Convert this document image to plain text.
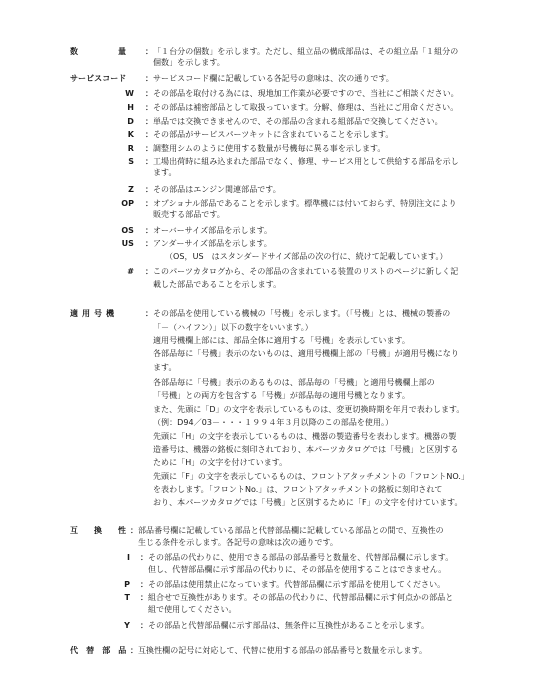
数　　量 ： 「１台分の個数」を示します。ただし、組立品の構成部品は、その組立品「１組分の
個数」を示します。
サービスコード ： サービスコード欄に記載している各記号の意味は、次の通りです。
W ： その部品を取付ける為には、現地加工作業が必要ですので、当社にご相談ください。
H ： その部品は補密部品として取扱っています。分解、修理は、当社にご用命ください。
D ： 単品では交換できませんので、その部品の含まれる組部品で交換してください。
K ： その部品がサービスパーツキットに含まれていることを示します。
R ： 調整用シムのように使用する数量が号機毎に異る事を示します。
S ： 工場出荷時に組み込まれた部品でなく、修理、サービス用として供給する部品を示し
ます。
Z ： その部品はエンジン関連部品です。
OP ： オプショナル部品であることを示します。標準機には付いておらず、特別注文により
販売する部品です。
OS ： オーバーサイズ部品を示します。
US ： アンダーサイズ部品を示します。
（OS，US　はスタンダードサイズ部品の次の行に、続けて記載しています。）
# ： このパーツカタログから、その部品の含まれている装置のリストのページに新しく記
載した部品であることを示します。
適用号機	： その部品を使用している機械の「号機」を示します。（「号機」とは、機械の製番の
「－（ハイフン）」以下の数字をいいます。）
適用号機欄上部には、部品全体に適用する「号機」を表示しています。
各部品毎に「号機」表示のないものは、適用号機欄上部の「号機」が適用号機になり
ます。
各部品毎に「号機」表示のあるものは、部品毎の「号機」と適用号機欄上部の
「号機」との両方を包含する「号機」が部品毎の適用号機となります。
また、先頭に「D」の文字を表示しているものは、変更切換時期を年月で表わします。
（例：D94／03－・・・１９９４年３月以降のこの部品を使用。）
先頭に「H」の文字を表示しているものは、機器の製造番号を表わします。機器の製
造番号は、機器の銘板に刻印されており、本パーツカタログでは「号機」と区別する
ために「H」の文字を付けています。
先頭に「F」の文字を表示しているものは、フロントアタッチメントの「フロントNO.」
を表わします。「フロントNo.」は、フロントアタッチメントの銘板に刻印されて
おり、本パーツカタログでは「号機」と区別するために「F」の文字を付けています。
互　換　性 ： 部品番号欄に記載している部品と代替部品欄に記載している部品との間で、互換性の
生じる条件を示します。各記号の意味は次の通りです。
I ： その部品の代わりに、使用できる部品の部品番号と数量を、代替部品欄に示します。
但し、代替部品欄に示す部品の代わりに、その部品を使用することはできません。
P ： その部品は使用禁止になっています。代替部品欄に示す部品を使用してください。
T ： 組合せで互換性があります。その部品の代わりに、代替部品欄に示す何点かの部品と
組で使用してください。
Y ： その部品と代替部品欄に示す部品は、無条件に互換性があることを示します。
代　替　部　品 ： 互換性欄の記号に対応して、代替に使用する部品の部品番号と数量を示します。
